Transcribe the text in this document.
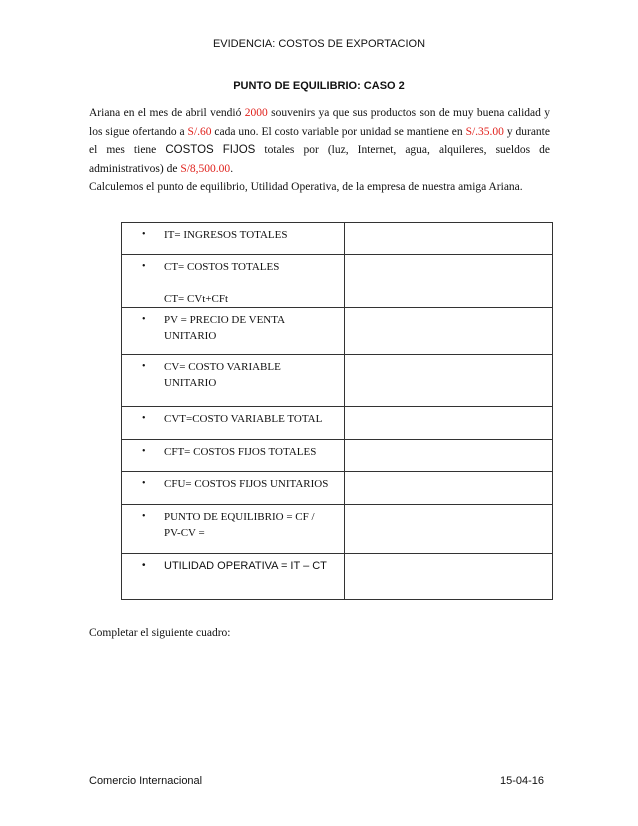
EVIDENCIA: COSTOS DE EXPORTACION
PUNTO DE EQUILIBRIO: CASO 2
Ariana en el mes de abril vendió 2000 souvenirs ya que sus productos son de muy buena calidad y los sigue ofertando a S/.60 cada uno. El costo variable por unidad se mantiene en S/.35.00 y durante el mes tiene COSTOS FIJOS totales por (luz, Internet, agua, alquileres, sueldos de administrativos) de S/8,500.00.
Calculemos el punto de equilibrio, Utilidad Operativa, de la empresa de nuestra amiga Ariana.
• IT= INGRESOS TOTALES	

• CT= COSTOS TOTALES
CT= CVt+CFt	

• PV = PRECIO DE VENTA
UNITARIO	

• CV= COSTO VARIABLE
UNITARIO	

• CVT=COSTO VARIABLE TOTAL	

• CFT= COSTOS FIJOS TOTALES	

• CFU= COSTOS FIJOS UNITARIOS	

• PUNTO DE EQUILIBRIO = CF /
PV-CV =	

• UTILIDAD OPERATIVA = IT – CT	

Completar el siguiente cuadro:
Comercio Internacional	15-04-16
